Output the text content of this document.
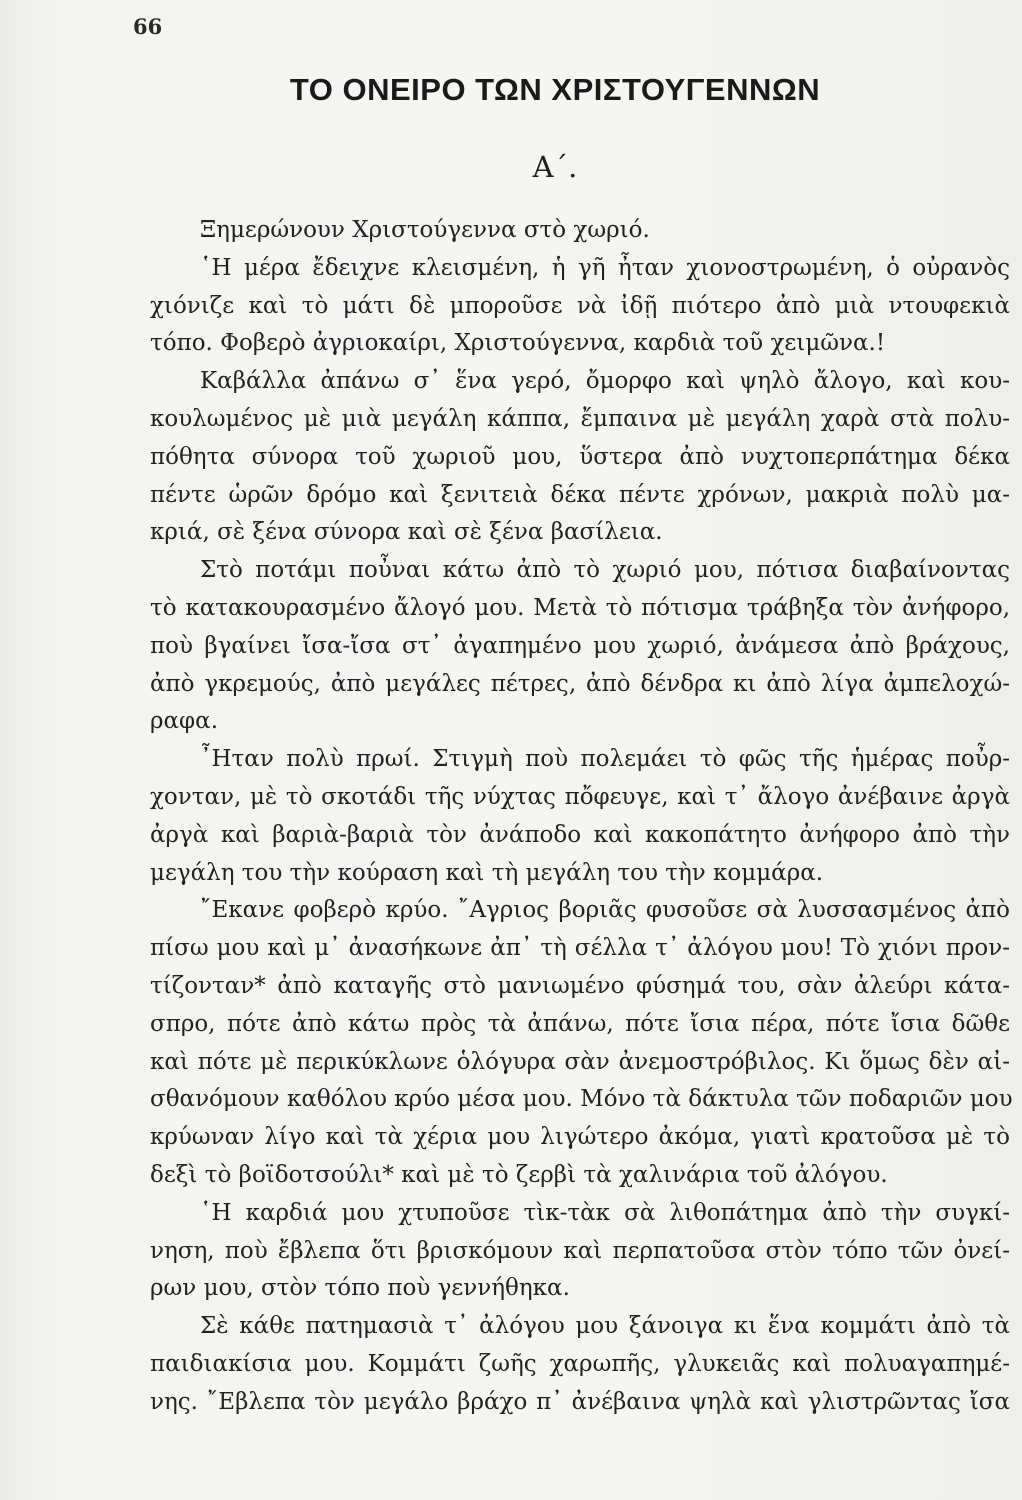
66
ΤΟ ΟΝΕΙΡΟ ΤΩΝ ΧΡΙΣΤΟΥΓΕΝΝΩΝ
Α΄.
Ξημερώνουν Χριστούγεννα στὸ χωριό.
῾Η μέρα ἔδειχνε κλεισμένη, ἡ γῆ ἦταν χιονοστρωμένη, ὁ οὐρανὸς
χιόνιζε καὶ τὸ μάτι δὲ μποροῦσε νὰ ἰδῇ πιότερο ἀπὸ μιὰ ντουφεκιὰ
τόπο. Φοβερὸ ἀγριοκαίρι, Χριστούγεννα, καρδιὰ τοῦ χειμῶνα.!
Καβάλλα ἀπάνω σ᾽ ἕνα γερό, ὄμορφο καὶ ψηλὸ ἄλογο, καὶ κου-
κουλωμένος μὲ μιὰ μεγάλη κάππα, ἔμπαινα μὲ μεγάλη χαρὰ στὰ πολυ-
πόθητα σύνορα τοῦ χωριοῦ μου, ὕστερα ἀπὸ νυχτοπερπάτημα δέκα
πέντε ὡρῶν δρόμο καὶ ξενιτειὰ δέκα πέντε χρόνων, μακριὰ πολὺ μα-
κριά, σὲ ξένα σύνορα καὶ σὲ ξένα βασίλεια.
Στὸ ποτάμι ποὖναι κάτω ἀπὸ τὸ χωριό μου, πότισα διαβαίνοντας
τὸ κατακουρασμένο ἄλογό μου. Μετὰ τὸ πότισμα τράβηξα τὸν ἀνήφορο,
ποὺ βγαίνει ἴσα-ἴσα στ᾽ ἀγαπημένο μου χωριό, ἀνάμεσα ἀπὸ βράχους,
ἀπὸ γκρεμούς, ἀπὸ μεγάλες πέτρες, ἀπὸ δένδρα κι ἀπὸ λίγα ἀμπελοχώ-
ραφα.
῏Ηταν πολὺ πρωί. Στιγμὴ ποὺ πολεμάει τὸ φῶς τῆς ἡμέρας ποὖρ-
χονταν, μὲ τὸ σκοτάδι τῆς νύχτας πὄφευγε, καὶ τ᾽ ἄλογο ἀνέβαινε ἀργὰ
ἀργὰ καὶ βαριὰ-βαριὰ τὸν ἀνάποδο καὶ κακοπάτητο ἀνήφορο ἀπὸ τὴν
μεγάλη του τὴν κούραση καὶ τὴ μεγάλη του τὴν κομμάρα.
῎Εκανε φοβερὸ κρύο. ῎Αγριος βοριᾶς φυσοῦσε σὰ λυσσασμένος ἀπὸ
πίσω μου καὶ μ᾽ ἀνασήκωνε ἀπ᾽ τὴ σέλλα τ᾽ ἀλόγου μου! Τὸ χιόνι προν-
τίζονταν* ἀπὸ καταγῆς στὸ μανιωμένο φύσημά του, σὰν ἀλεύρι κάτα-
σπρο, πότε ἀπὸ κάτω πρὸς τὰ ἀπάνω, πότε ἴσια πέρα, πότε ἴσια δῶθε
καὶ πότε μὲ περικύκλωνε ὁλόγυρα σὰν ἀνεμοστρόβιλος. Κι ὅμως δὲν αἰ-
σθανόμουν καθόλου κρύο μέσα μου. Μόνο τὰ δάκτυλα τῶν ποδαριῶν μου
κρύωναν λίγο καὶ τὰ χέρια μου λιγώτερο ἀκόμα, γιατὶ κρατοῦσα μὲ τὸ
δεξὶ τὸ βοϊδοτσούλι* καὶ μὲ τὸ ζερβὶ τὰ χαλινάρια τοῦ ἀλόγου.
῾Η καρδιά μου χτυποῦσε τὶκ-τὰκ σὰ λιθοπάτημα ἀπὸ τὴν συγκί-
νηση, ποὺ ἔβλεπα ὅτι βρισκόμουν καὶ περπατοῦσα στὸν τόπο τῶν ὀνεί-
ρων μου, στὸν τόπο ποὺ γεννήθηκα.
Σὲ κάθε πατημασιὰ τ᾽ ἀλόγου μου ξάνοιγα κι ἕνα κομμάτι ἀπὸ τὰ
παιδιακίσια μου. Κομμάτι ζωῆς χαρωπῆς, γλυκειᾶς καὶ πολυαγαπημέ-
νης. ῎Εβλεπα τὸν μεγάλο βράχο π᾽ ἀνέβαινα ψηλὰ καὶ γλιστρῶντας ἴσα
